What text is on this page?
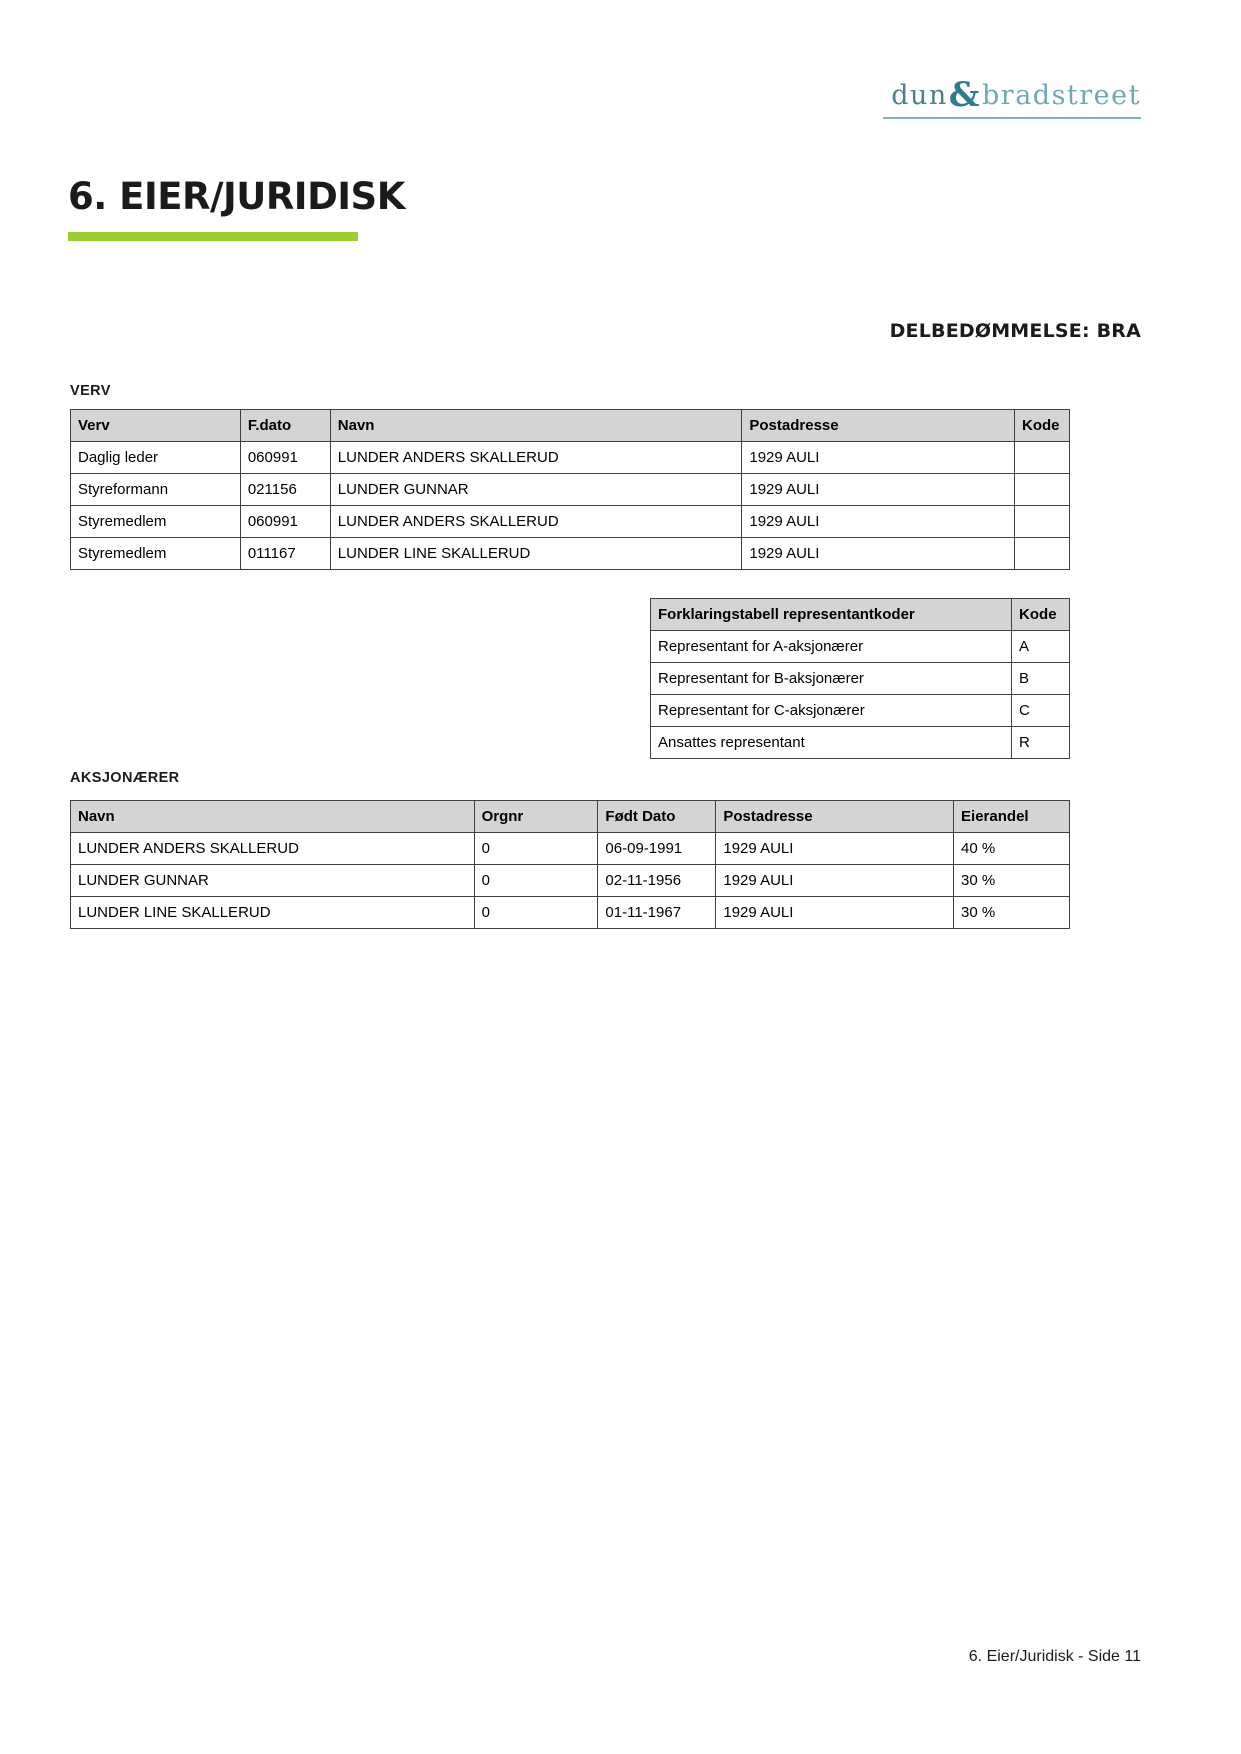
dun&bradstreet
6. EIER/JURIDISK
DELBEDØMMELSE: BRA
VERV
Verv	F.dato	Navn	Postadresse	Kode
Daglig leder	060991	LUNDER ANDERS SKALLERUD	1929 AULI	
Styreformann	021156	LUNDER GUNNAR	1929 AULI	
Styremedlem	060991	LUNDER ANDERS SKALLERUD	1929 AULI	
Styremedlem	011167	LUNDER LINE SKALLERUD	1929 AULI	
Forklaringstabell representantkoder	Kode
Representant for A-aksjonærer	A
Representant for B-aksjonærer	B
Representant for C-aksjonærer	C
Ansattes representant	R
AKSJONÆRER
Navn	Orgnr	Født Dato	Postadresse	Eierandel
LUNDER ANDERS SKALLERUD	0	06-09-1991	1929 AULI	40 %
LUNDER GUNNAR	0	02-11-1956	1929 AULI	30 %
LUNDER LINE SKALLERUD	0	01-11-1967	1929 AULI	30 %
6. Eier/Juridisk - Side 11
